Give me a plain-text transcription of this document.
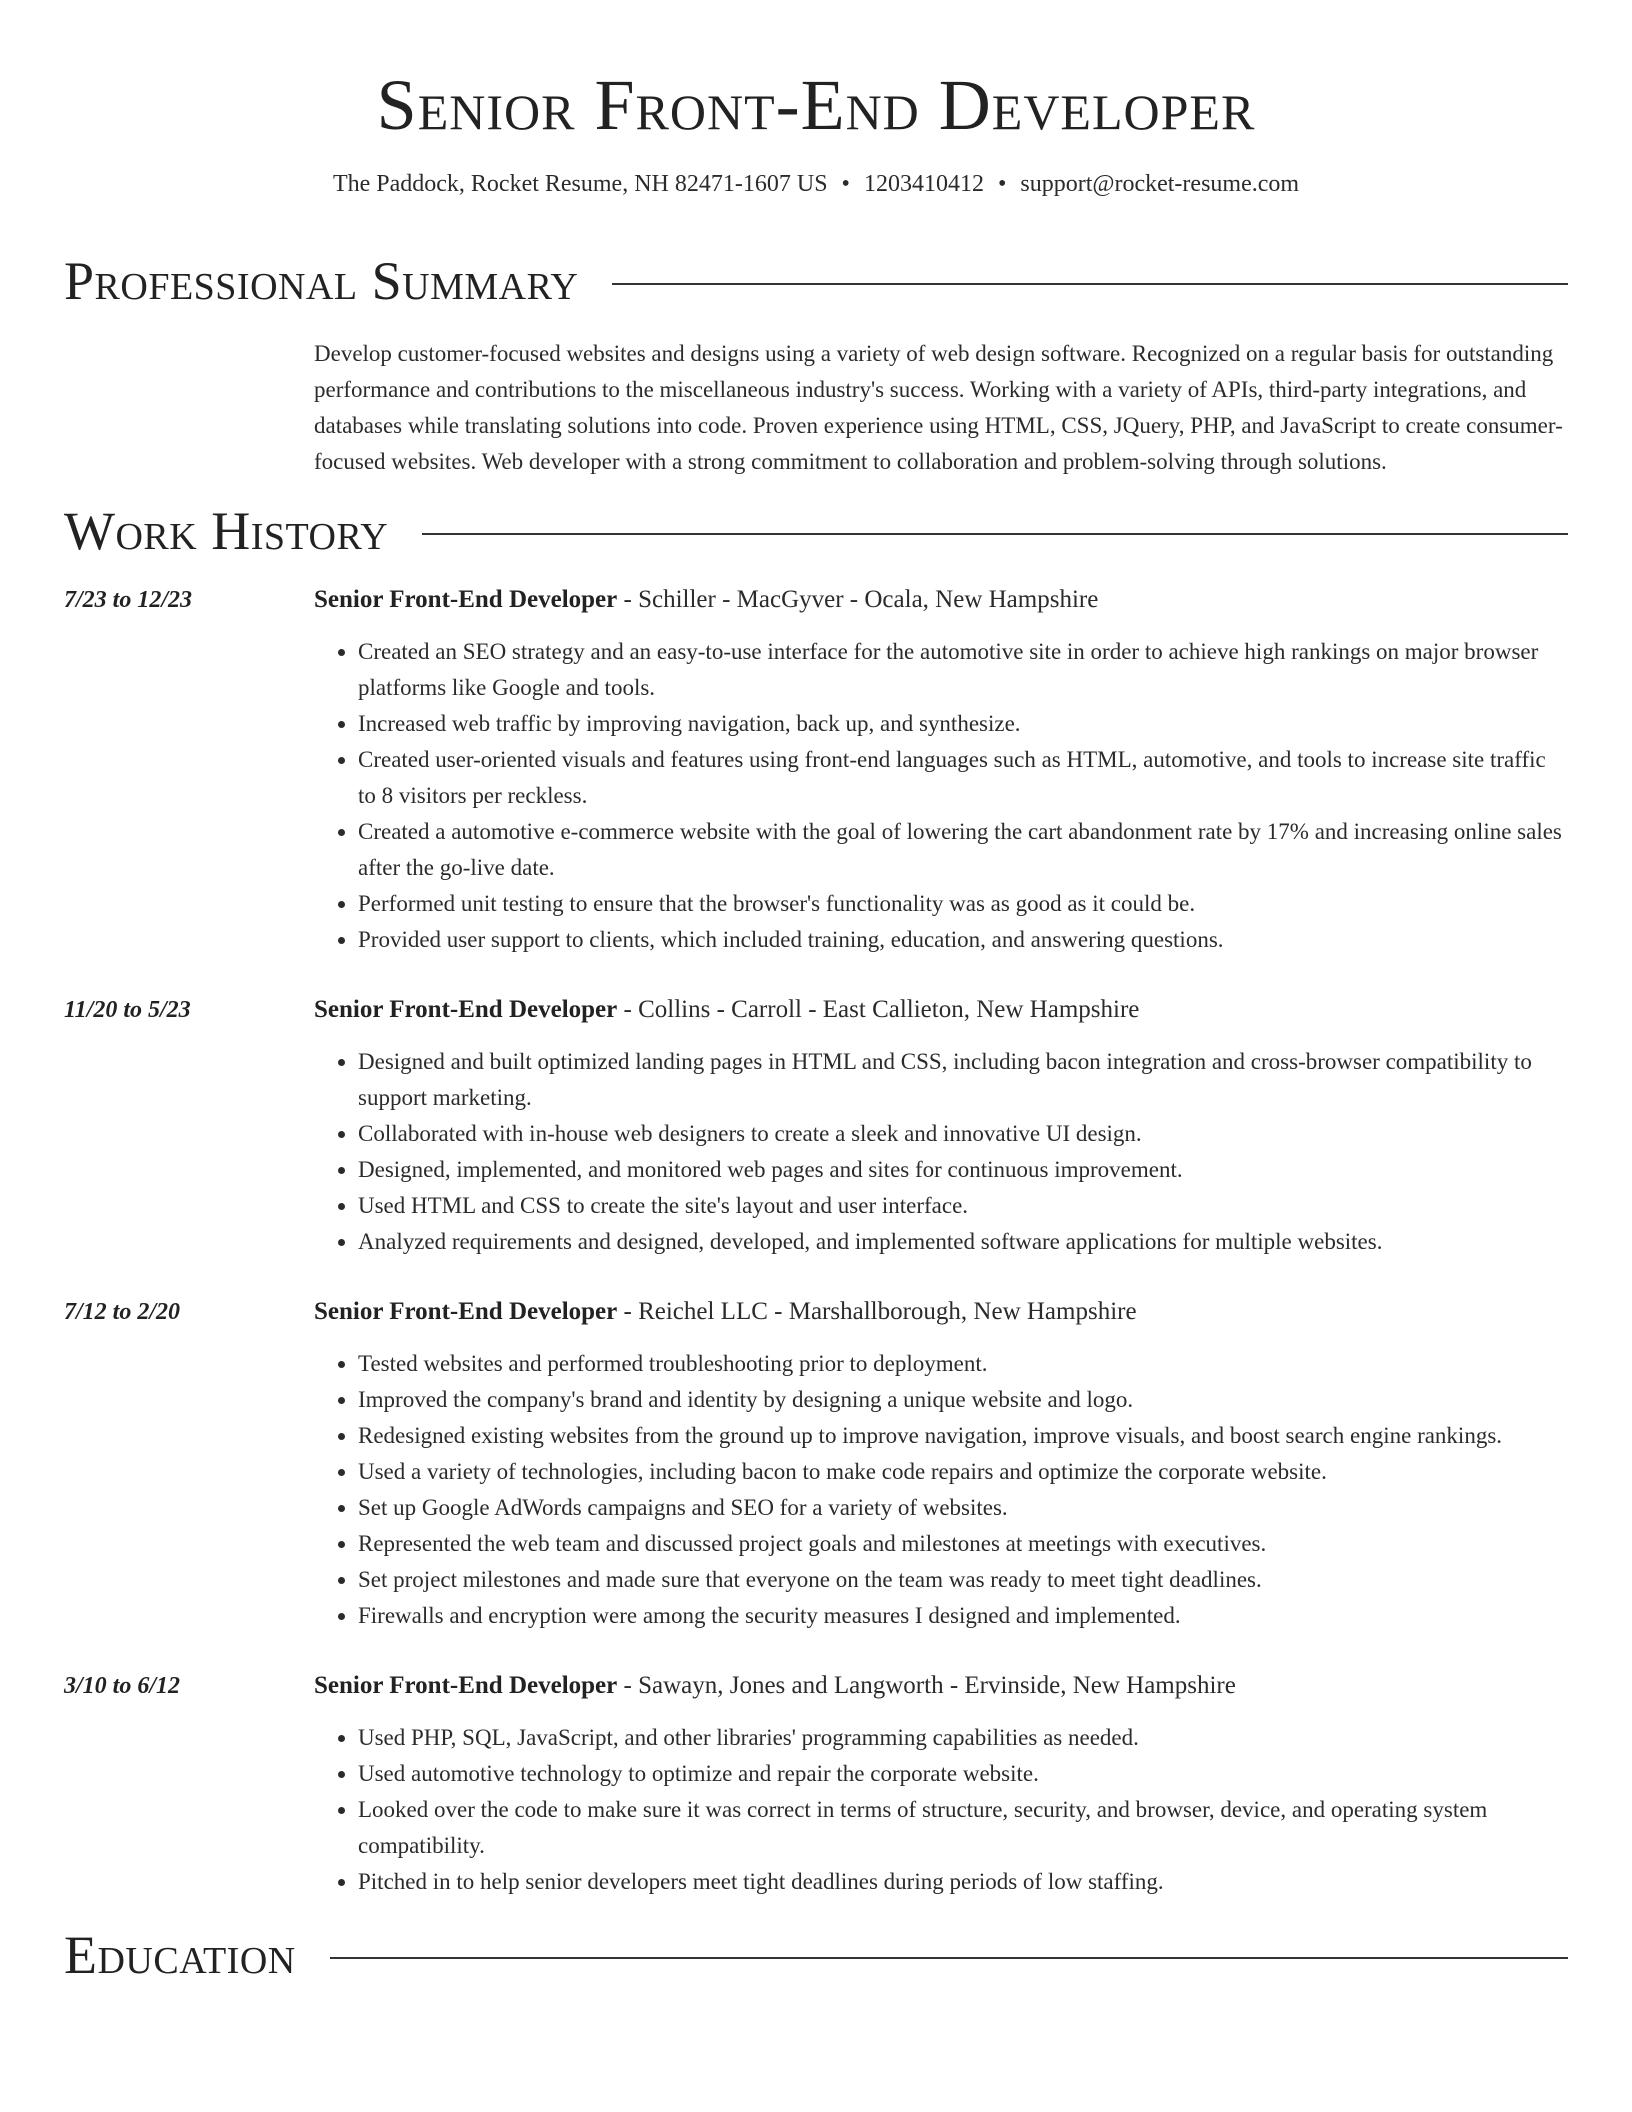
Senior Front-End Developer
The Paddock, Rocket Resume, NH 82471-1607 US • 1203410412 • support@rocket-resume.com
Professional Summary

Develop customer-focused websites and designs using a variety of web design software. Recognized on a regular basis for outstanding performance and contributions to the miscellaneous industry's success. Working with a variety of APIs, third-party integrations, and databases while translating solutions into code. Proven experience using HTML, CSS, JQuery, PHP, and JavaScript to create consumer-focused websites. Web developer with a strong commitment to collaboration and problem-solving through solutions.

Work History
7/23 to 12/23	Senior Front-End Developer - Schiller - MacGyver - Ocala, New Hampshire
• Created an SEO strategy and an easy-to-use interface for the automotive site in order to achieve high rankings on major browser platforms like Google and tools.
• Increased web traffic by improving navigation, back up, and synthesize.
• Created user-oriented visuals and features using front-end languages such as HTML, automotive, and tools to increase site traffic to 8 visitors per reckless.
• Created a automotive e-commerce website with the goal of lowering the cart abandonment rate by 17% and increasing online sales after the go-live date.
• Performed unit testing to ensure that the browser's functionality was as good as it could be.
• Provided user support to clients, which included training, education, and answering questions.
11/20 to 5/23	Senior Front-End Developer - Collins - Carroll - East Callieton, New Hampshire
• Designed and built optimized landing pages in HTML and CSS, including bacon integration and cross-browser compatibility to support marketing.
• Collaborated with in-house web designers to create a sleek and innovative UI design.
• Designed, implemented, and monitored web pages and sites for continuous improvement.
• Used HTML and CSS to create the site's layout and user interface.
• Analyzed requirements and designed, developed, and implemented software applications for multiple websites.
7/12 to 2/20	Senior Front-End Developer - Reichel LLC - Marshallborough, New Hampshire
• Tested websites and performed troubleshooting prior to deployment.
• Improved the company's brand and identity by designing a unique website and logo.
• Redesigned existing websites from the ground up to improve navigation, improve visuals, and boost search engine rankings.
• Used a variety of technologies, including bacon to make code repairs and optimize the corporate website.
• Set up Google AdWords campaigns and SEO for a variety of websites.
• Represented the web team and discussed project goals and milestones at meetings with executives.
• Set project milestones and made sure that everyone on the team was ready to meet tight deadlines.
• Firewalls and encryption were among the security measures I designed and implemented.
3/10 to 6/12	Senior Front-End Developer - Sawayn, Jones and Langworth - Ervinside, New Hampshire
• Used PHP, SQL, JavaScript, and other libraries' programming capabilities as needed.
• Used automotive technology to optimize and repair the corporate website.
• Looked over the code to make sure it was correct in terms of structure, security, and browser, device, and operating system compatibility.
• Pitched in to help senior developers meet tight deadlines during periods of low staffing.
Education
